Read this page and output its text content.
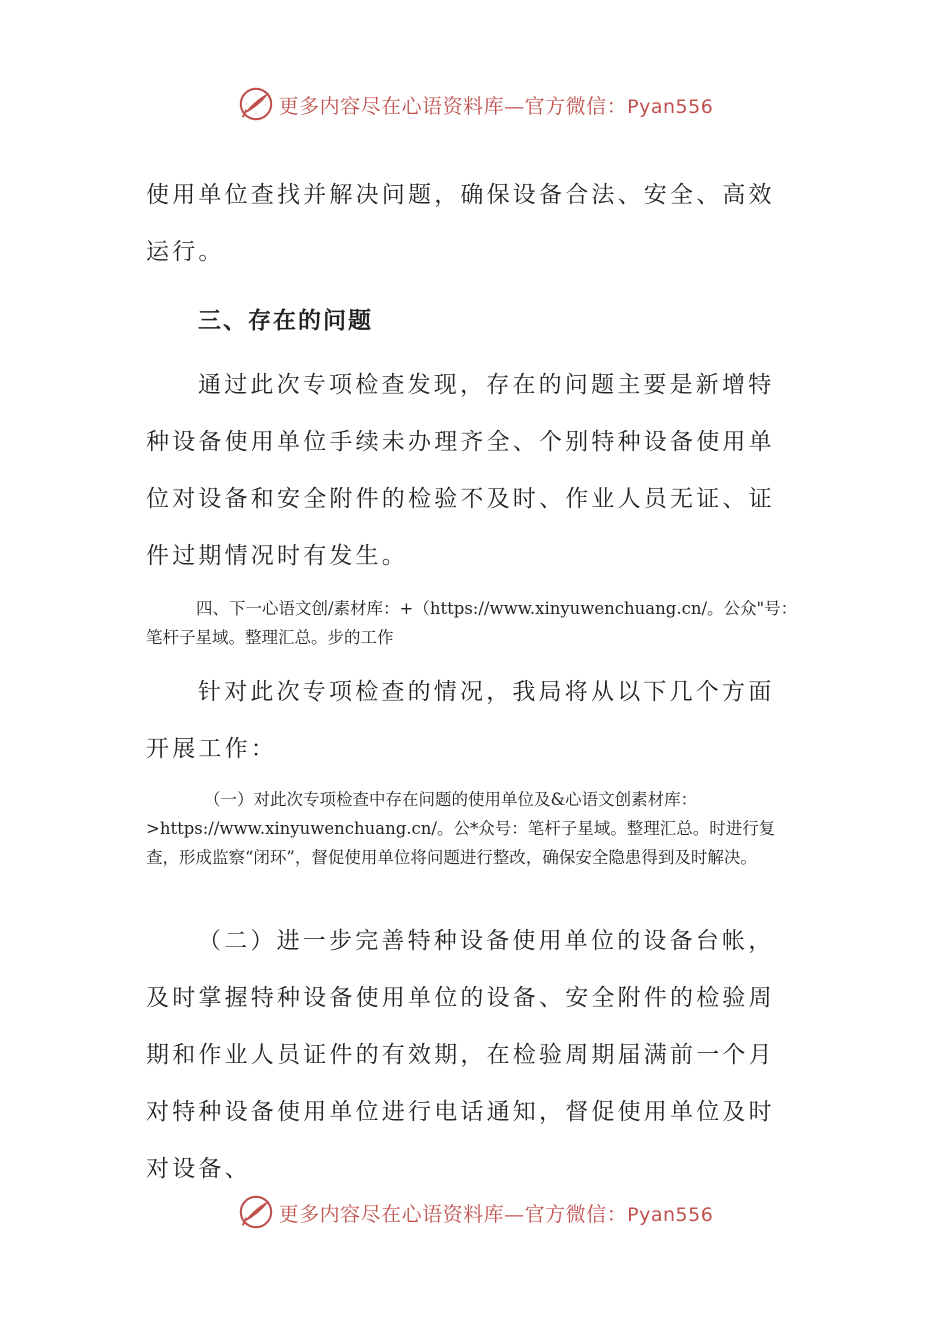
更多内容尽在心语资料库—官方微信：Pyan556

使用单位查找并解决问题，确保设备合法、安全、高效运行。

三、存在的问题

通过此次专项检查发现，存在的问题主要是新增特种设备使用单位手续未办理齐全、个别特种设备使用单位对设备和安全附件的检验不及时、作业人员无证、证件过期情况时有发生。

四、下一心语文创/素材库：+（https://www.xinyuwenchuang.cn/。公众"号：笔杆子星域。整理汇总。步的工作

针对此次专项检查的情况，我局将从以下几个方面开展工作：

（一）对此次专项检查中存在问题的使用单位及&心语文创素材库：>https://www.xinyuwenchuang.cn/。公*众号：笔杆子星域。整理汇总。时进行复查，形成监察“闭环”，督促使用单位将问题进行整改，确保安全隐患得到及时解决。

（二）进一步完善特种设备使用单位的设备台帐，及时掌握特种设备使用单位的设备、安全附件的检验周期和作业人员证件的有效期，在检验周期届满前一个月对特种设备使用单位进行电话通知，督促使用单位及时对设备、

更多内容尽在心语资料库—官方微信：Pyan556
